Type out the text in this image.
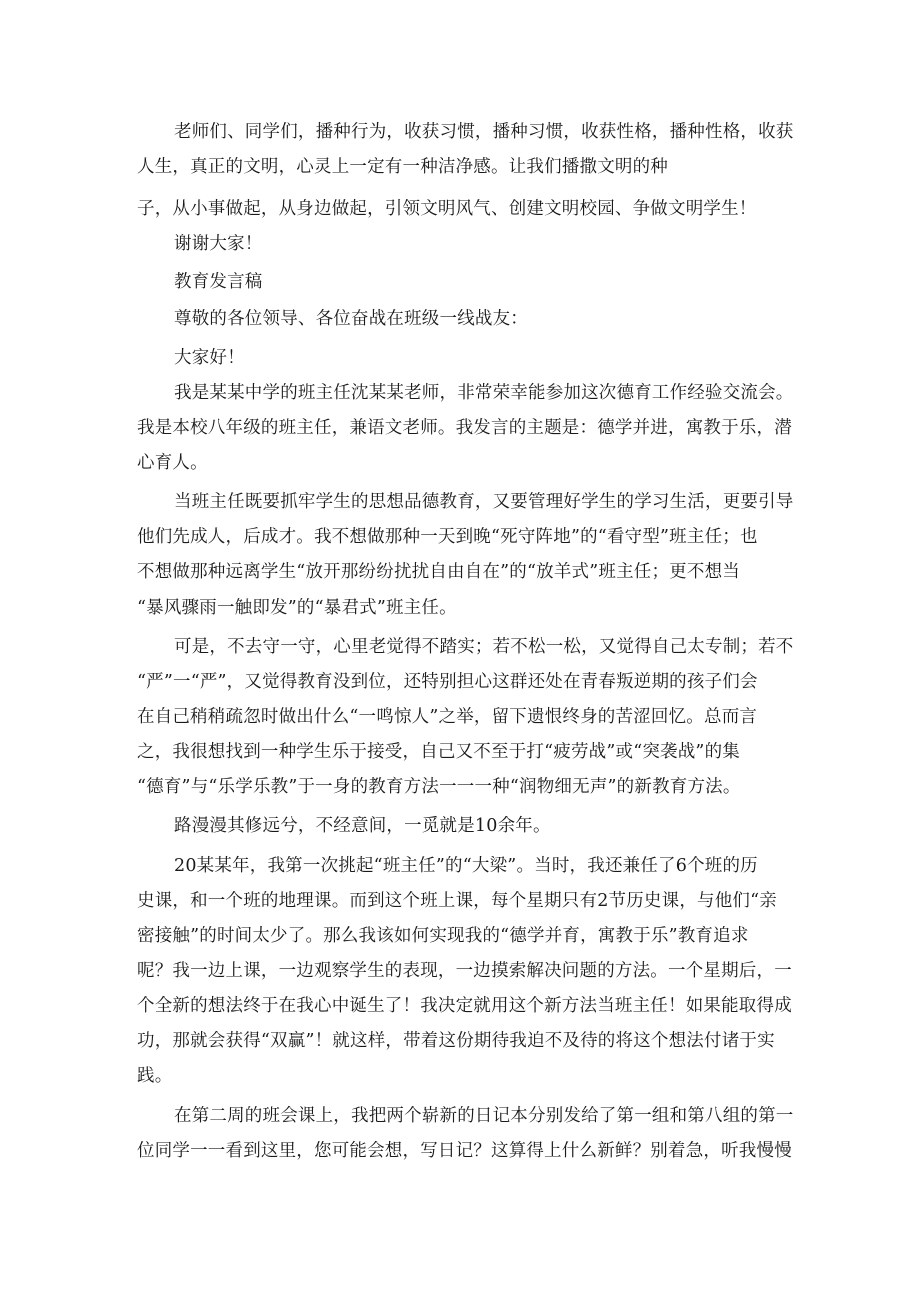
老师们、同学们，播种行为，收获习惯，播种习惯，收获性格，播种性格，收获
人生，真正的文明，心灵上一定有一种洁净感。让我们播撒文明的种
子，从小事做起，从身边做起，引领文明风气、创建文明校园、争做文明学生！
谢谢大家！
教育发言稿
尊敬的各位领导、各位奋战在班级一线战友：
大家好！
我是某某中学的班主任沈某某老师，非常荣幸能参加这次德育工作经验交流会。
我是本校八年级的班主任，兼语文老师。我发言的主题是：德学并进，寓教于乐，潜
心育人。
当班主任既要抓牢学生的思想品德教育，又要管理好学生的学习生活，更要引导
他们先成人，后成才。我不想做那种一天到晚“死守阵地”的“看守型”班主任；也
不想做那种远离学生“放开那纷纷扰扰自由自在”的“放羊式”班主任；更不想当
“暴风骤雨一触即发”的“暴君式”班主任。
可是，不去守一守，心里老觉得不踏实；若不松一松，又觉得自己太专制；若不
“严”一“严”，又觉得教育没到位，还特别担心这群还处在青春叛逆期的孩子们会
在自己稍稍疏忽时做出什么“一鸣惊人”之举，留下遗恨终身的苦涩回忆。总而言
之，我很想找到一种学生乐于接受，自己又不至于打“疲劳战”或“突袭战”的集
“德育”与“乐学乐教”于一身的教育方法一一一种“润物细无声”的新教育方法。
路漫漫其修远兮，不经意间，一觅就是10余年。
20某某年，我第一次挑起“班主任”的“大梁”。当时，我还兼任了6个班的历
史课，和一个班的地理课。而到这个班上课，每个星期只有2节历史课，与他们“亲
密接触”的时间太少了。那么我该如何实现我的“德学并育，寓教于乐”教育追求
呢？我一边上课，一边观察学生的表现，一边摸索解决问题的方法。一个星期后，一
个全新的想法终于在我心中诞生了！我决定就用这个新方法当班主任！如果能取得成
功，那就会获得“双赢”！就这样，带着这份期待我迫不及待的将这个想法付诸于实
践。
在第二周的班会课上，我把两个崭新的日记本分别发给了第一组和第八组的第一
位同学一一看到这里，您可能会想，写日记？这算得上什么新鲜？别着急，听我慢慢
